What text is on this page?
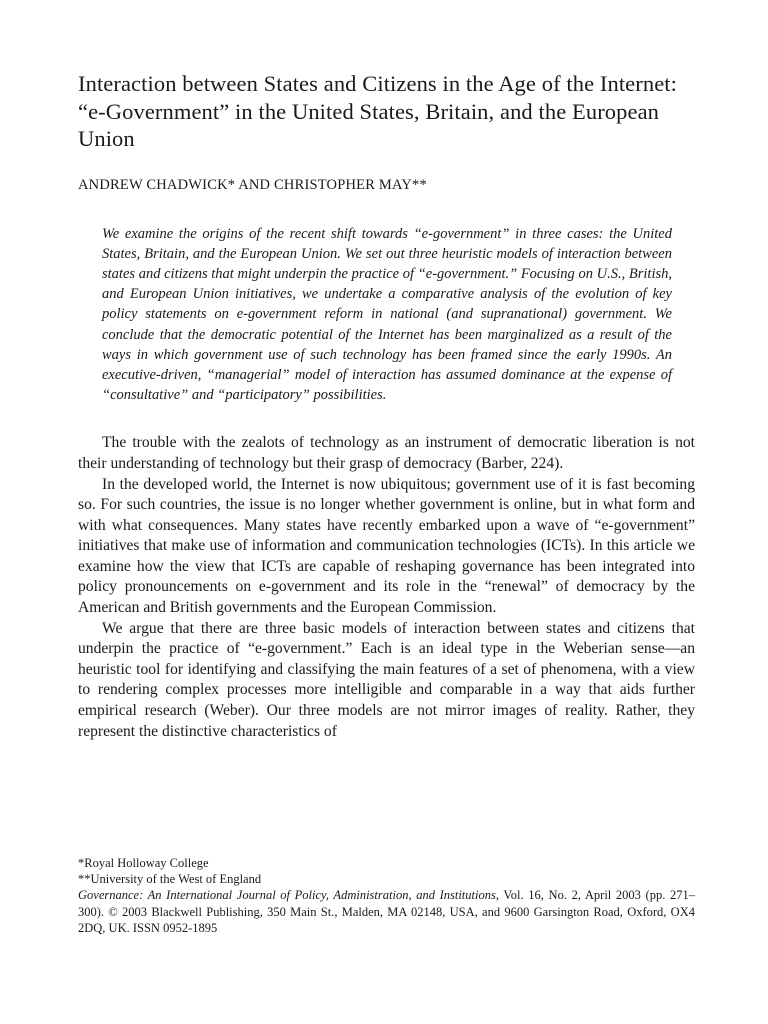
Interaction between States and Citizens in the Age of the Internet: “e-Government” in the United States, Britain, and the European Union
ANDREW CHADWICK* AND CHRISTOPHER MAY**
We examine the origins of the recent shift towards “e-government” in three cases: the United States, Britain, and the European Union. We set out three heuristic models of interaction between states and citizens that might underpin the practice of “e-government.” Focusing on U.S., British, and European Union initiatives, we undertake a comparative analysis of the evolution of key policy statements on e-government reform in national (and supranational) government. We conclude that the democratic potential of the Internet has been marginalized as a result of the ways in which government use of such technology has been framed since the early 1990s. An executive-driven, “managerial” model of interaction has assumed dominance at the expense of “consultative” and “participatory” possibilities.

The trouble with the zealots of technology as an instrument of democratic liberation is not their understanding of technology but their grasp of democracy (Barber, 224).

In the developed world, the Internet is now ubiquitous; government use of it is fast becoming so. For such countries, the issue is no longer whether government is online, but in what form and with what consequences. Many states have recently embarked upon a wave of “e-government” initiatives that make use of information and communication technologies (ICTs). In this article we examine how the view that ICTs are capable of reshaping governance has been integrated into policy pronouncements on e-government and its role in the “renewal” of democracy by the American and British governments and the European Commission.

We argue that there are three basic models of interaction between states and citizens that underpin the practice of “e-government.” Each is an ideal type in the Weberian sense—an heuristic tool for identifying and classifying the main features of a set of phenomena, with a view to rendering complex processes more intelligible and comparable in a way that aids further empirical research (Weber). Our three models are not mirror images of reality. Rather, they represent the distinctive characteristics of

*Royal Holloway College
**University of the West of England
Governance: An International Journal of Policy, Administration, and Institutions, Vol. 16, No. 2, April 2003 (pp. 271–300). © 2003 Blackwell Publishing, 350 Main St., Malden, MA 02148, USA, and 9600 Garsington Road, Oxford, OX4 2DQ, UK. ISSN 0952-1895
